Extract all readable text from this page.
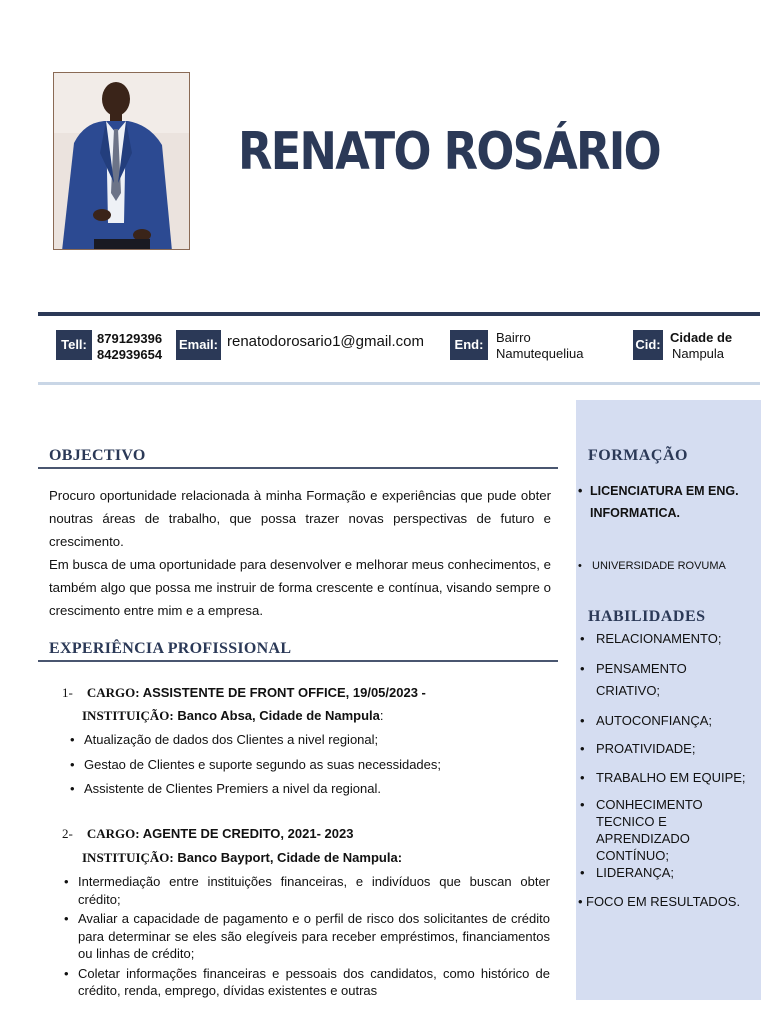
RENATO ROSÁRIO
Tell: 879129396
842939654
Email: renatodorosario1@gmail.com	End: Bairro
Namutequeliua
Cid: Cidade de
Nampula
FORMAÇÃO
• LICENCIATURA EM ENG.
INFORMATICA.
• UNIVERSIDADE ROVUMA
HABILIDADES
• RELACIONAMENTO;
• PENSAMENTO CRIATIVO;
• AUTOCONFIANÇA;
• PROATIVIDADE;
• TRABALHO EM EQUIPE;
• CONHECIMENTO TECNICO E APRENDIZADO CONTÍNUO;
• LIDERANÇA;
• FOCO EM RESULTADOS.
OBJECTIVO
Procuro oportunidade relacionada à minha Formação e experiências que pude obter noutras áreas de trabalho, que possa trazer novas perspectivas de futuro e crescimento.
Em busca de uma oportunidade para desenvolver e melhorar meus conhecimentos, e também algo que possa me instruir de forma crescente e contínua, visando sempre o crescimento entre mim e a empresa.
EXPERIÊNCIA PROFISSIONAL
1- CARGO: ASSISTENTE DE FRONT OFFICE, 19/05/2023 -
INSTITUIÇÃO: Banco Absa, Cidade de Nampula:
• Atualização de dados dos Clientes a nivel regional;
• Gestao de Clientes e suporte segundo as suas necessidades;
• Assistente de Clientes Premiers a nivel da regional.
2- CARGO: AGENTE DE CREDITO, 2021- 2023
INSTITUIÇÃO: Banco Bayport, Cidade de Nampula:
• Intermediação entre instituições financeiras, e indivíduos que buscan obter crédito;
• Avaliar a capacidade de pagamento e o perfil de risco dos solicitantes de crédito para determinar se eles são elegíveis para receber empréstimos, financiamentos ou linhas de crédito;
• Coletar informações financeiras e pessoais dos candidatos, como histórico de crédito, renda, emprego, dívidas existentes e outras
